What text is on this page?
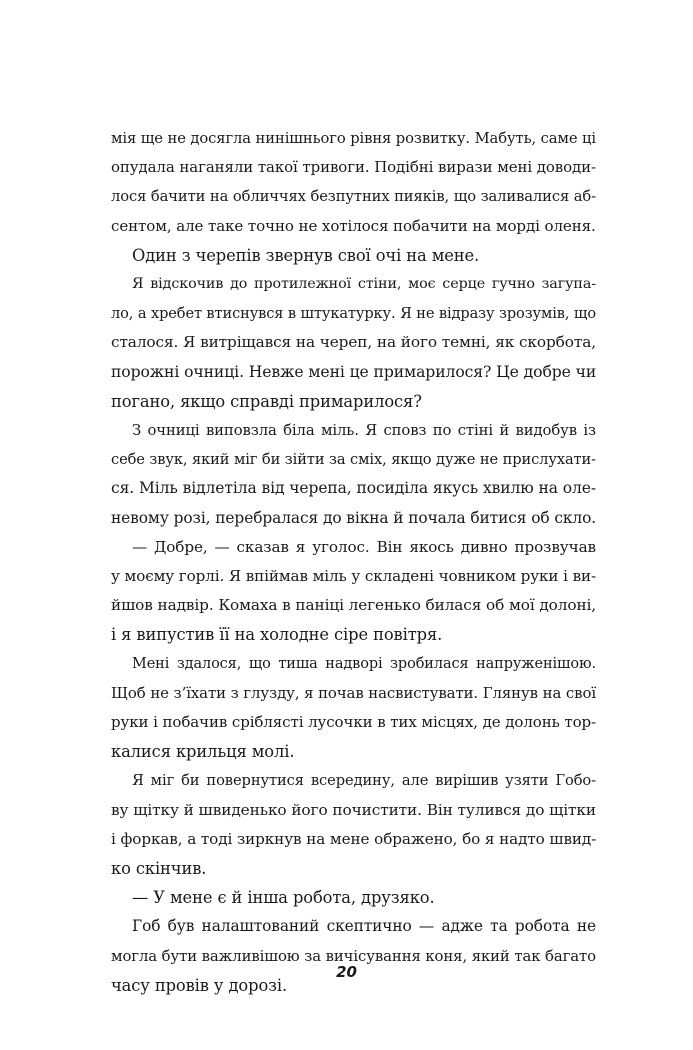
мія ще не досягла нинішнього рівня розвитку. Мабуть, саме ці
опудала наганяли такої тривоги. Подібні вирази мені доводи-
лося бачити на обличчях безпутних пияків, що заливалися аб-
сентом, але таке точно не хотілося побачити на морді оленя.

Один з черепів звернув свої очі на мене.

Я відскочив до протилежної стіни, моє серце гучно загупа-
ло, а хребет втиснувся в штукатурку. Я не відразу зрозумів, що
сталося. Я витріщався на череп, на його темні, як скорбота,
порожні очниці. Невже мені це примарилося? Це добре чи
погано, якщо справді примарилося?

З очниці виповзла біла міль. Я сповз по стіні й видобув із
себе звук, який міг би зійти за сміх, якщо дуже не прислухати-
ся. Міль відлетіла від черепа, посиділа якусь хвилю на оле-
невому розі, перебралася до вікна й почала битися об скло.

— Добре, — сказав я уголос. Він якось дивно прозвучав
у моєму горлі. Я впіймав міль у складені човником руки і ви-
йшов надвір. Комаха в паніці легенько билася об мої долоні,
і я випустив її на холодне сіре повітря.

Мені здалося, що тиша надворі зробилася напруженішою.
Щоб не з’їхати з глузду, я почав насвистувати. Глянув на свої
руки і побачив сріблясті лусочки в тих місцях, де долонь тор-
калися крильця молі.

Я міг би повернутися всередину, але вирішив узяти Гобо-
ву щітку й швиденько його почистити. Він тулився до щітки
і форкав, а тоді зиркнув на мене ображено, бо я надто швид-
ко скінчив.

— У мене є й інша робота, друзяко.

Гоб був налаштований скептично — адже та робота не
могла бути важливішою за вичісування коня, який так багато
часу провів у дорозі.

20
